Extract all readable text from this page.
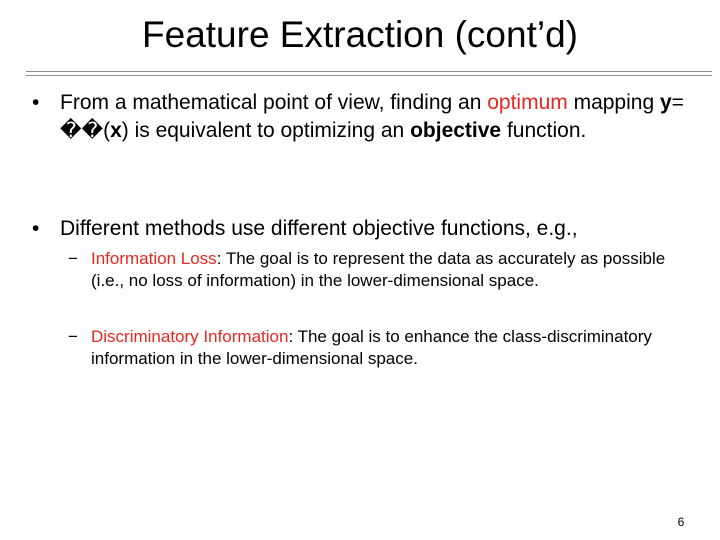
Feature Extraction (cont’d)
• From a mathematical point of view, finding an optimum mapping y=��(x) is equivalent to optimizing an objective function.
• Different methods use different objective functions, e.g.,
− Information Loss: The goal is to represent the data as accurately as possible (i.e., no loss of information) in the lower-dimensional space.
− Discriminatory Information: The goal is to enhance the class-discriminatory information in the lower-dimensional space.
6
